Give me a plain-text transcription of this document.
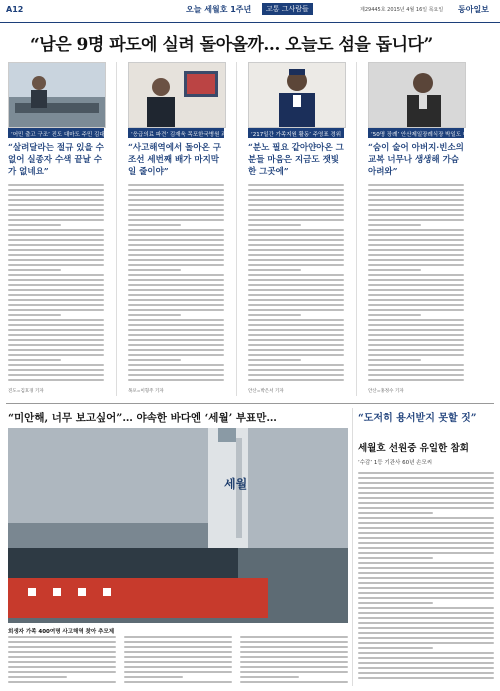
A12	오늘 세월호 1주년	고통 그사람들	제29445호 2015년 4월 16일 목요일 동아일보
“남은 9명 파도에 실려 돌아올까… 오늘도 섬을 돕니다”
‘어민 출고 구조’ 진도 대마도 주민 김대협씨	‘응급의료 파견’ 김재욱 목포한국병원 과장	‘217일간 가족지원 활동’ 주영표 경위	‘50명 장례’ 안산제일장례식장 박일도 대표
“살려달라는 절규 있을 수 없어 실종자 수색 끝날 수가 없네요”
“사고해역에서 돌아온 구조선 세번째 배가 마지막일 줄이야”
“분노 필요 같아얀아온 그분들 마음은 지금도 잿빛한 그곳에”
“숨이 술어 아버지·빈소의 교복 너무나 생생해 가슴 아려와”
진도=김호경 기자	목포=이형주 기자	안산=박은서 기자	안산=홍정수 기자
“미안해, 너무 보고싶어”… 야속한 바다엔 ‘세월’ 부표만…
세월
희생자 가족 400여명 사고해역 찾아 추모제
“도저히 용서받지 못할 짓”
세월호 선원중 유일한 참회
‘수감’ 1등 기관사 60년 손모씨
